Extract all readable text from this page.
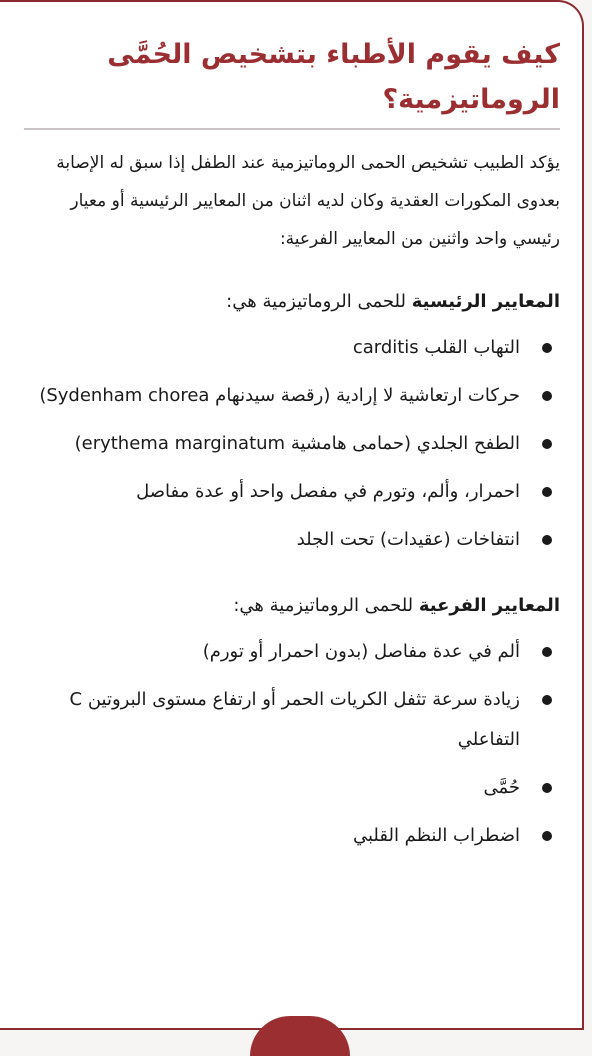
كيف يقوم الأطباء بتشخيص الحُمَّى الروماتيزمية؟
يؤكد الطبيب تشخيص الحمى الروماتيزمية عند الطفل إذا سبق له الإصابة بعدوى المكورات العقدية وكان لديه اثنان من المعايير الرئيسية أو معيار رئيسي واحد واثنين من المعايير الفرعية:
المعايير الرئيسية للحمى الروماتيزمية هي:
التهاب القلب carditis
حركات ارتعاشية لا إرادية (رقصة سيدنهام Sydenham chorea)
الطفح الجلدي (حمامى هامشية erythema marginatum)
احمرار، وألم، وتورم في مفصل واحد أو عدة مفاصل
انتفاخات (عقيدات) تحت الجلد
المعايير الفرعية للحمى الروماتيزمية هي:
ألم في عدة مفاصل (بدون احمرار أو تورم)
زيادة سرعة تثفل الكريات الحمر أو ارتفاع مستوى البروتين C التفاعلي
حُمَّى
اضطراب النظم القلبي
